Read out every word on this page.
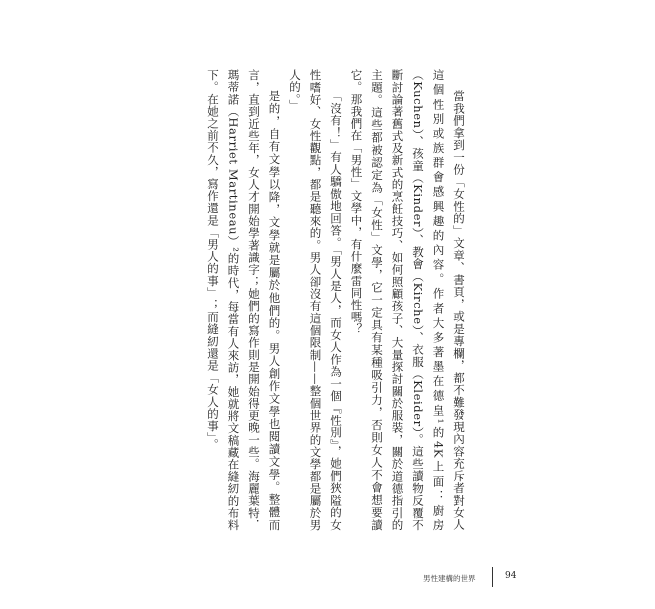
當我們拿到一份「女性的」文章、書頁，或是專欄，都不難發現內容充斥者對女人這個性別或族群會感興趣的內容。作者大多著墨在德皇¹的4K上面：廚房（Kuchen）、孩童（Kinder）、教會（Kirche）、衣服（Kleider）。這些讀物反覆不斷討論著舊式及新式的烹飪技巧、如何照顧孩子、大量探討關於服裝，關於道德指引的主題。這些都被認定為「女性」文學，它一定具有某種吸引力，否則女人不會想要讀它。那我們在「男性」文學中，有什麼雷同性嗎？

「沒有！」有人驕傲地回答。「男人是人，而女人作為一個『性別』，她們狹隘的女性嗜好、女性觀點，都是聽來的。男人卻沒有這個限制——整個世界的文學都是屬於男人的。」

是的，自有文學以降，文學就是屬於他們的。男人創作文學也閱讀文學。整體而言，直到近些年，女人才開始學著識字；她們的寫作則是開始得更晚一些。海麗葉特．瑪蒂諾（Harriet Martineau）²的時代，每當有人來訪，她就將文稿藏在縫紉的布料下。在她之前不久，寫作還是「男人的事」；而縫紉還是「女人的事」。

男性建構的世界	94
